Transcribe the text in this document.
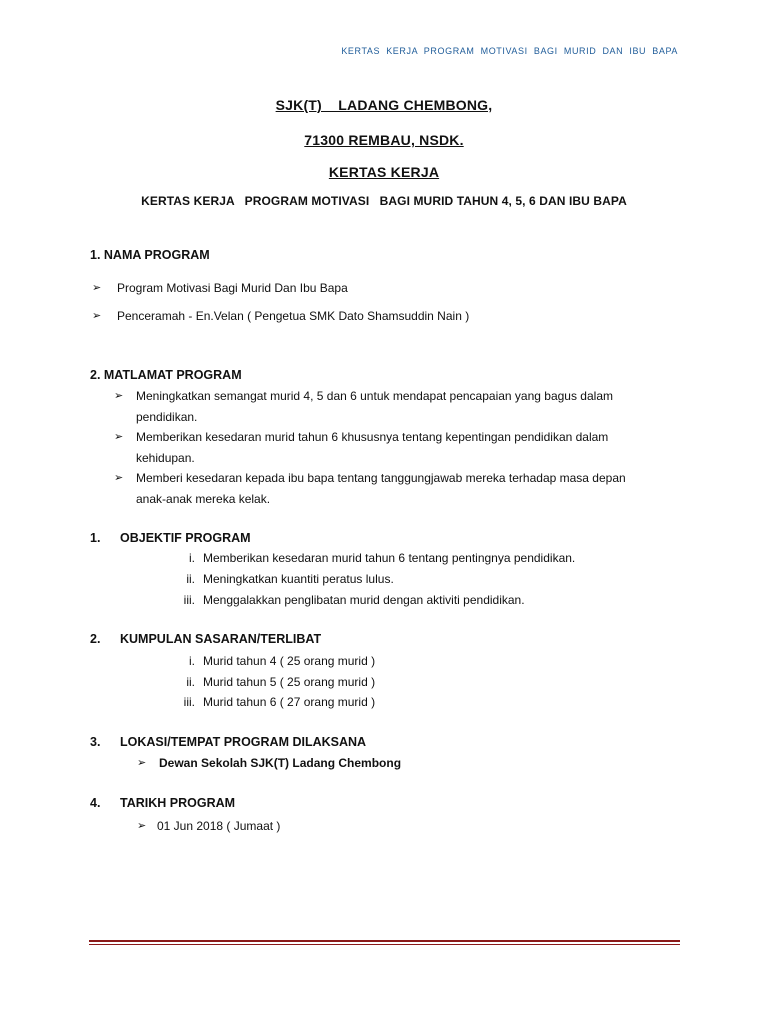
KERTAS KERJA PROGRAM MOTIVASI BAGI MURID DAN IBU BAPA
SJK(T)    LADANG CHEMBONG,
71300 REMBAU, NSDK.
KERTAS KERJA
KERTAS KERJA   PROGRAM MOTIVASI   BAGI MURID TAHUN 4, 5, 6 DAN IBU BAPA
1. NAMA PROGRAM
➢	Program Motivasi Bagi Murid Dan Ibu Bapa
➢	Penceramah - En.Velan ( Pengetua SMK Dato Shamsuddin Nain )
2. MATLAMAT PROGRAM
➢	Meningkatkan semangat murid 4, 5 dan 6 untuk mendapat pencapaian yang bagus dalam
pendidikan.
➢	Memberikan kesedaran murid tahun 6 khususnya tentang kepentingan pendidikan dalam
kehidupan.
➢	Memberi kesedaran kepada ibu bapa tentang tanggungjawab mereka terhadap masa depan
anak-anak mereka kelak.
1. OBJEKTIF PROGRAM
i. Memberikan kesedaran murid tahun 6 tentang pentingnya pendidikan.
ii. Meningkatkan kuantiti peratus lulus.
iii. Menggalakkan penglibatan murid dengan aktiviti pendidikan.
2. KUMPULAN SASARAN/TERLIBAT
i. Murid tahun 4 ( 25 orang murid )
ii. Murid tahun 5 ( 25 orang murid )
iii. Murid tahun 6 ( 27 orang murid )
3. LOKASI/TEMPAT PROGRAM DILAKSANA
➢	Dewan Sekolah SJK(T) Ladang Chembong
4. TARIKH PROGRAM
➢ 01 Jun 2018 ( Jumaat )
